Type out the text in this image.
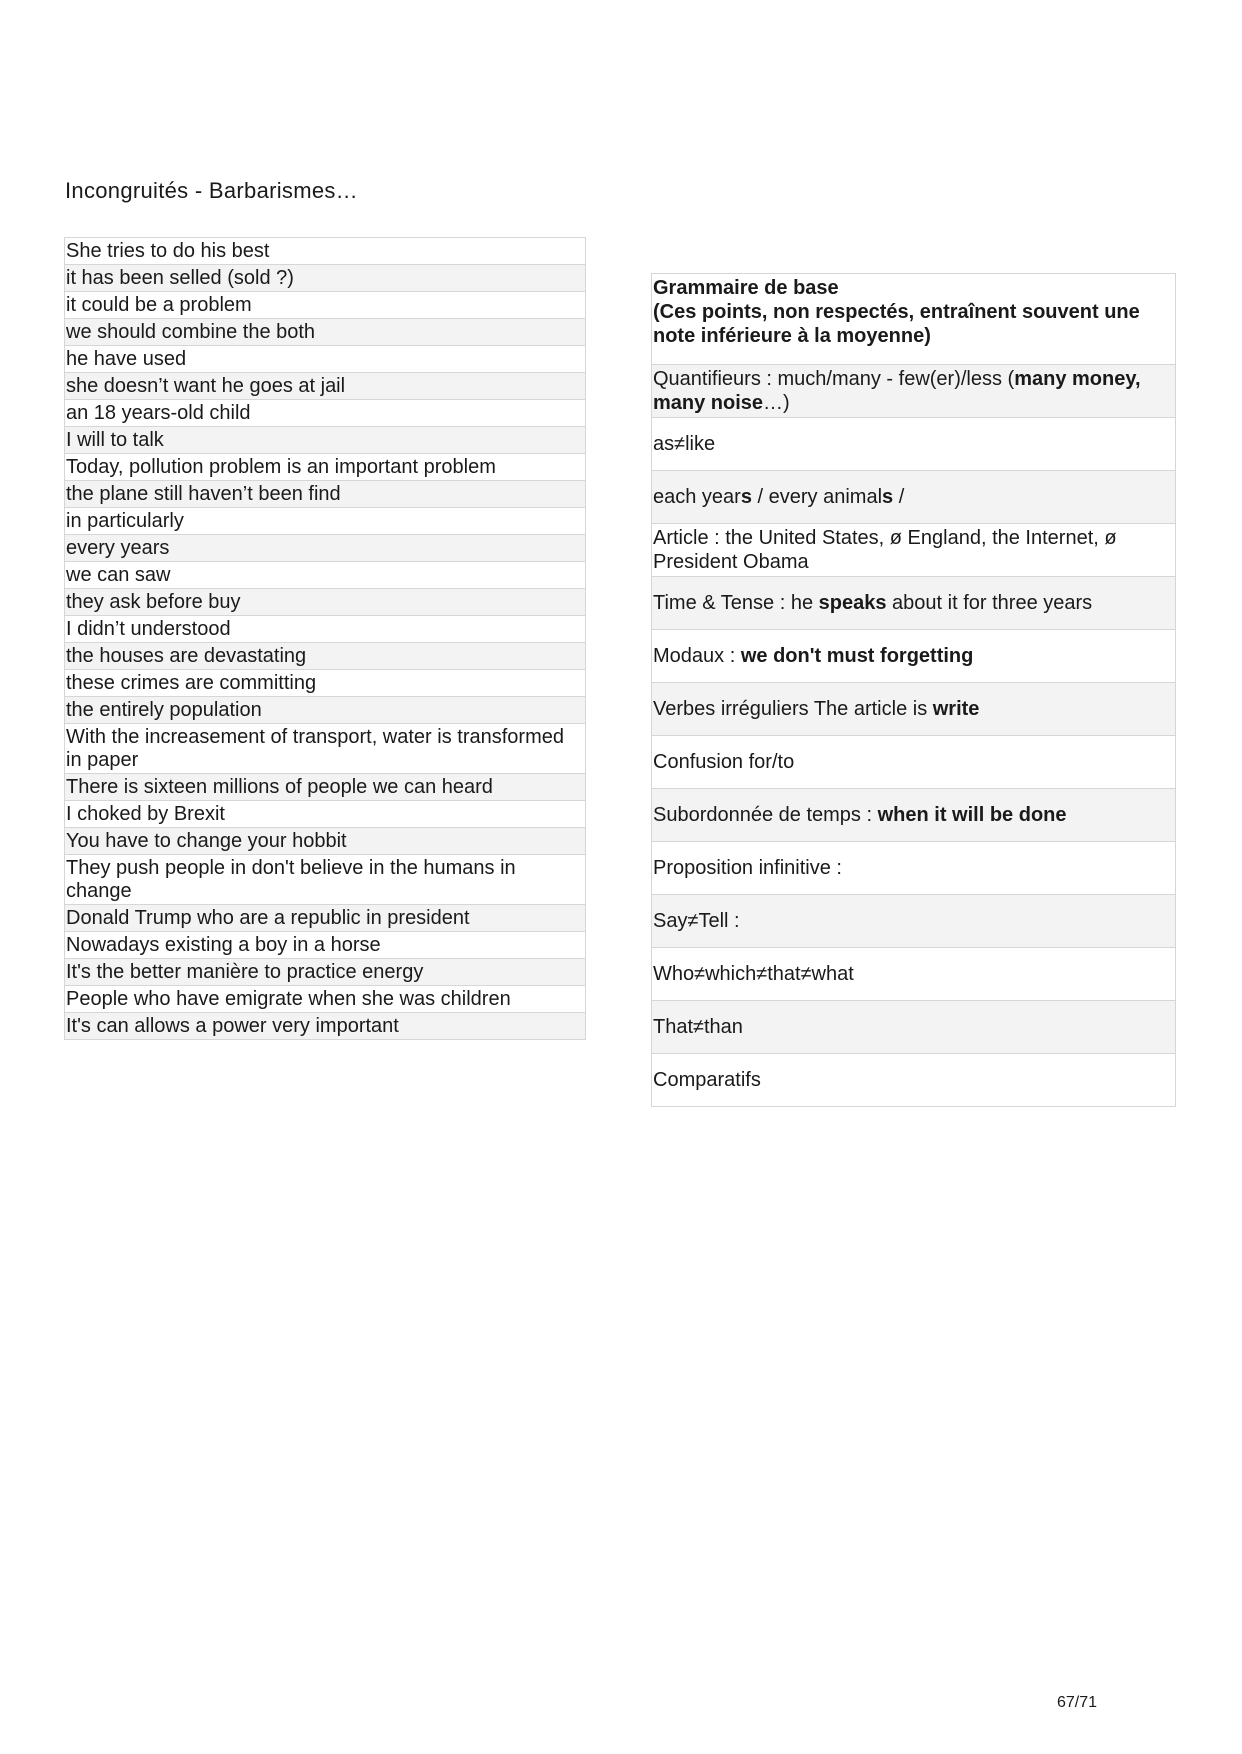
Incongruités - Barbarismes…
She tries to do his best
it has been selled (sold ?)
it could be a problem
we should combine the both
he have used
she doesn’t want he goes at jail
an 18 years-old child
I will to talk
Today, pollution problem is an important problem
the plane still haven’t been find
in particularly
every years
we can saw
they ask before buy
I didn’t understood
the houses are devastating
these crimes are committing
the entirely population
With the increasement of transport, water is transformed in paper
There is sixteen millions of people we can heard
I choked by Brexit
You have to change your hobbit
They push people in don't believe in the humans in change
Donald Trump who are a republic in president
Nowadays existing a boy in a horse
It's the better manière to practice energy
People who have emigrate when she was children
It's can allows a power very important
Grammaire de base
(Ces points, non respectés, entraînent souvent une note inférieure à la moyenne)

Quantifieurs : much/many - few(er)/less (many money, many noise…)
as≠like
each years / every animals /
Article : the United States, ø England, the Internet, ø President Obama
Time & Tense : he speaks about it for three years
Modaux : we don't must forgetting
Verbes irréguliers The article is write
Confusion for/to
Subordonnée de temps : when it will be done
Proposition infinitive :
Say≠Tell :
Who≠which≠that≠what
That≠than
Comparatifs
67/71
